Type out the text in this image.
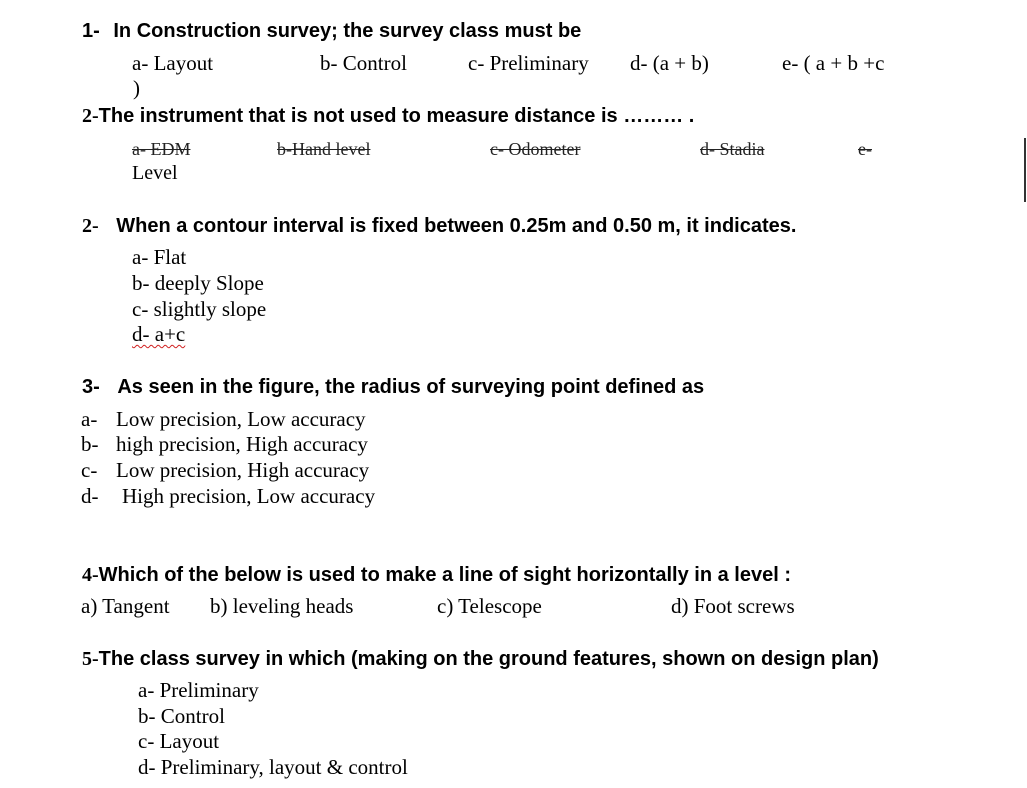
1- In Construction survey; the survey class must be
a- Layout	b- Control	c- Preliminary d- (a + b)	e- ( a + b +c
)
2-The instrument that is not used to measure distance is ……… .
a- EDM	b-Hand level	c- Odometer	d- Stadia	e-
Level
2- When a contour interval is fixed between 0.25m and 0.50 m, it indicates.
a- Flat
b- deeply Slope
c- slightly slope
d- a+c
3- As seen in the figure, the radius of surveying point defined as
a- Low precision, Low accuracy
b- high precision, High accuracy
c- Low precision, High accuracy
d- High precision, Low accuracy
4-Which of the below is used to make a line of sight horizontally in a level :
a) Tangent b) leveling heads	c) Telescope	d) Foot screws
5-The class survey in which (making on the ground features, shown on design plan)
a- Preliminary
b- Control
c- Layout
d- Preliminary, layout & control
